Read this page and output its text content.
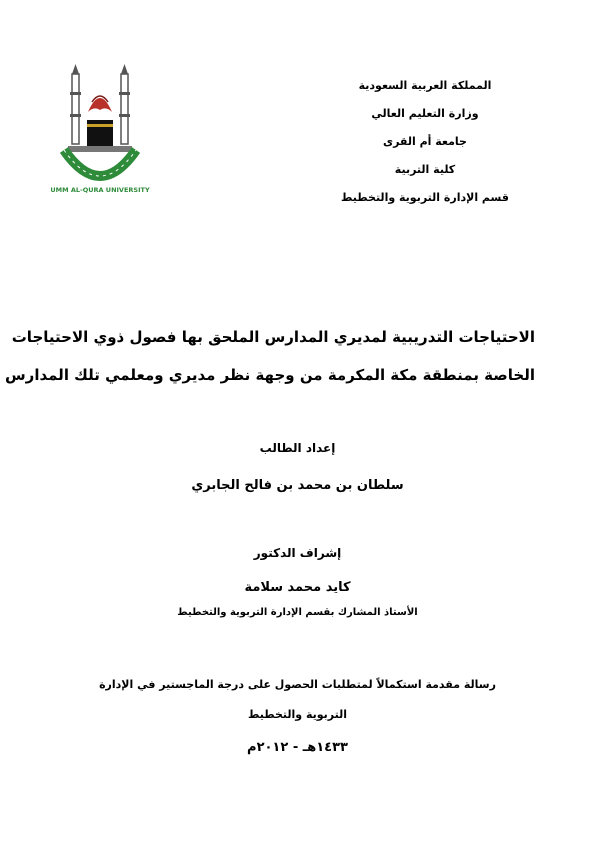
UMM AL-QURA UNIVERSITY
المملكة العربية السعودية
وزارة التعليم العالي
جامعة أم القرى
كلية التربية
قسم الإدارة التربوية والتخطيط
الاحتياجات التدريبية لمديري المدارس الملحق بها فصول ذوي الاحتياجات
الخاصة بمنطقة مكة المكرمة من وجهة نظر مديري ومعلمي تلك المدارس
إعداد الطالب
سلطان بن محمد بن فالح الجابري
إشراف الدكتور
كايد محمد سلامة
الأستاذ المشارك بقسم الإدارة التربوية والتخطيط
رسالة مقدمة استكمالاً لمتطلبات الحصول على درجة الماجستير في الإدارة
التربوية والتخطيط
١٤٣٣هـ - ٢٠١٢م
